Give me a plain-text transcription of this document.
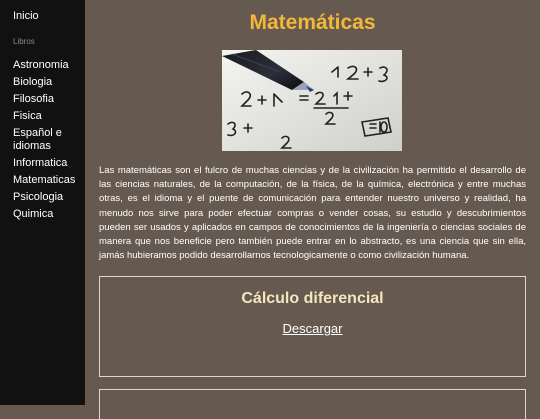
Inicio
Libros
Astronomia
Biologia
Filosofia
Fisica
Español e idiomas
Informatica
Matematicas
Psicologia
Quimica
Matemáticas

Las matemáticas son el fulcro de muchas ciencias y de la civilización ha permitido el desarrollo de las ciencias naturales, de la computación, de la física, de la química, electrónica y entre muchas otras, es el idioma y el puente de comunicación para entender nuestro universo y realidad, ha menudo nos sirve para poder efectuar compras o vender cosas, su estudio y descubrimientos pueden ser usados y aplicados en campos de conocimientos de la ingeniería o ciencias sociales de manera que nos beneficie pero también puede entrar en lo abstracto, es una ciencia que sin ella, jamás hubieramos podido desarrollarnos tecnologicamente o como civilización humana.

Cálculo diferencial
Descargar
